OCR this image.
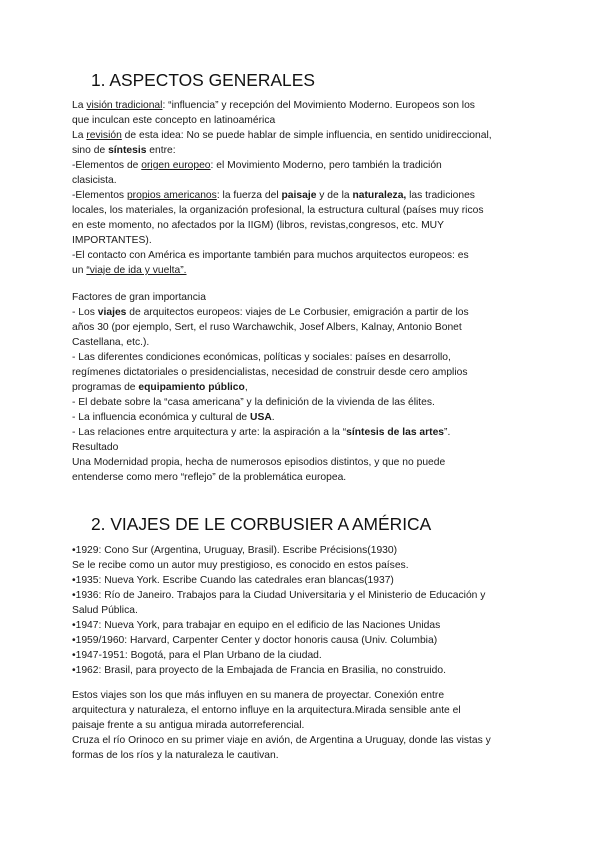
1. ASPECTOS GENERALES
La visión tradicional: “influencia” y recepción del Movimiento Moderno. Europeos son los
que inculcan este concepto en latinoamérica
La revisión de esta idea: No se puede hablar de simple influencia, en sentido unidireccional,
sino de síntesis entre:
-Elementos de origen europeo: el Movimiento Moderno, pero también la tradición
clasicista.
-Elementos propios americanos: la fuerza del paisaje y de la naturaleza, las tradiciones
locales, los materiales, la organización profesional, la estructura cultural (países muy ricos
en este momento, no afectados por la IIGM) (libros, revistas,congresos, etc. MUY
IMPORTANTES).
-El contacto con América es importante también para muchos arquitectos europeos: es
un “viaje de ida y vuelta”.
Factores de gran importancia
- Los viajes de arquitectos europeos: viajes de Le Corbusier, emigración a partir de los
años 30 (por ejemplo, Sert, el ruso Warchawchik, Josef Albers, Kalnay, Antonio Bonet
Castellana, etc.).
- Las diferentes condiciones económicas, políticas y sociales: países en desarrollo,
regímenes dictatoriales o presidencialistas, necesidad de construir desde cero amplios
programas de equipamiento público,
- El debate sobre la “casa americana” y la definición de la vivienda de las élites.
- La influencia económica y cultural de USA.
- Las relaciones entre arquitectura y arte: la aspiración a la “síntesis de las artes”.
Resultado
Una Modernidad propia, hecha de numerosos episodios distintos, y que no puede
entenderse como mero “reflejo” de la problemática europea.
2. VIAJES DE LE CORBUSIER A AMÉRICA
•1929: Cono Sur (Argentina, Uruguay, Brasil). Escribe Précisions(1930)
Se le recibe como un autor muy prestigioso, es conocido en estos países.
•1935: Nueva York. Escribe Cuando las catedrales eran blancas(1937)
•1936: Río de Janeiro. Trabajos para la Ciudad Universitaria y el Ministerio de Educación y
Salud Pública.
•1947: Nueva York, para trabajar en equipo en el edificio de las Naciones Unidas
•1959/1960: Harvard, Carpenter Center y doctor honoris causa (Univ. Columbia)
•1947-1951: Bogotá, para el Plan Urbano de la ciudad.
•1962: Brasil, para proyecto de la Embajada de Francia en Brasilia, no construido.
Estos viajes son los que más influyen en su manera de proyectar. Conexión entre
arquitectura y naturaleza, el entorno influye en la arquitectura.Mirada sensible ante el
paisaje frente a su antigua mirada autorreferencial.
Cruza el río Orinoco en su primer viaje en avión, de Argentina a Uruguay, donde las vistas y
formas de los ríos y la naturaleza le cautivan.
